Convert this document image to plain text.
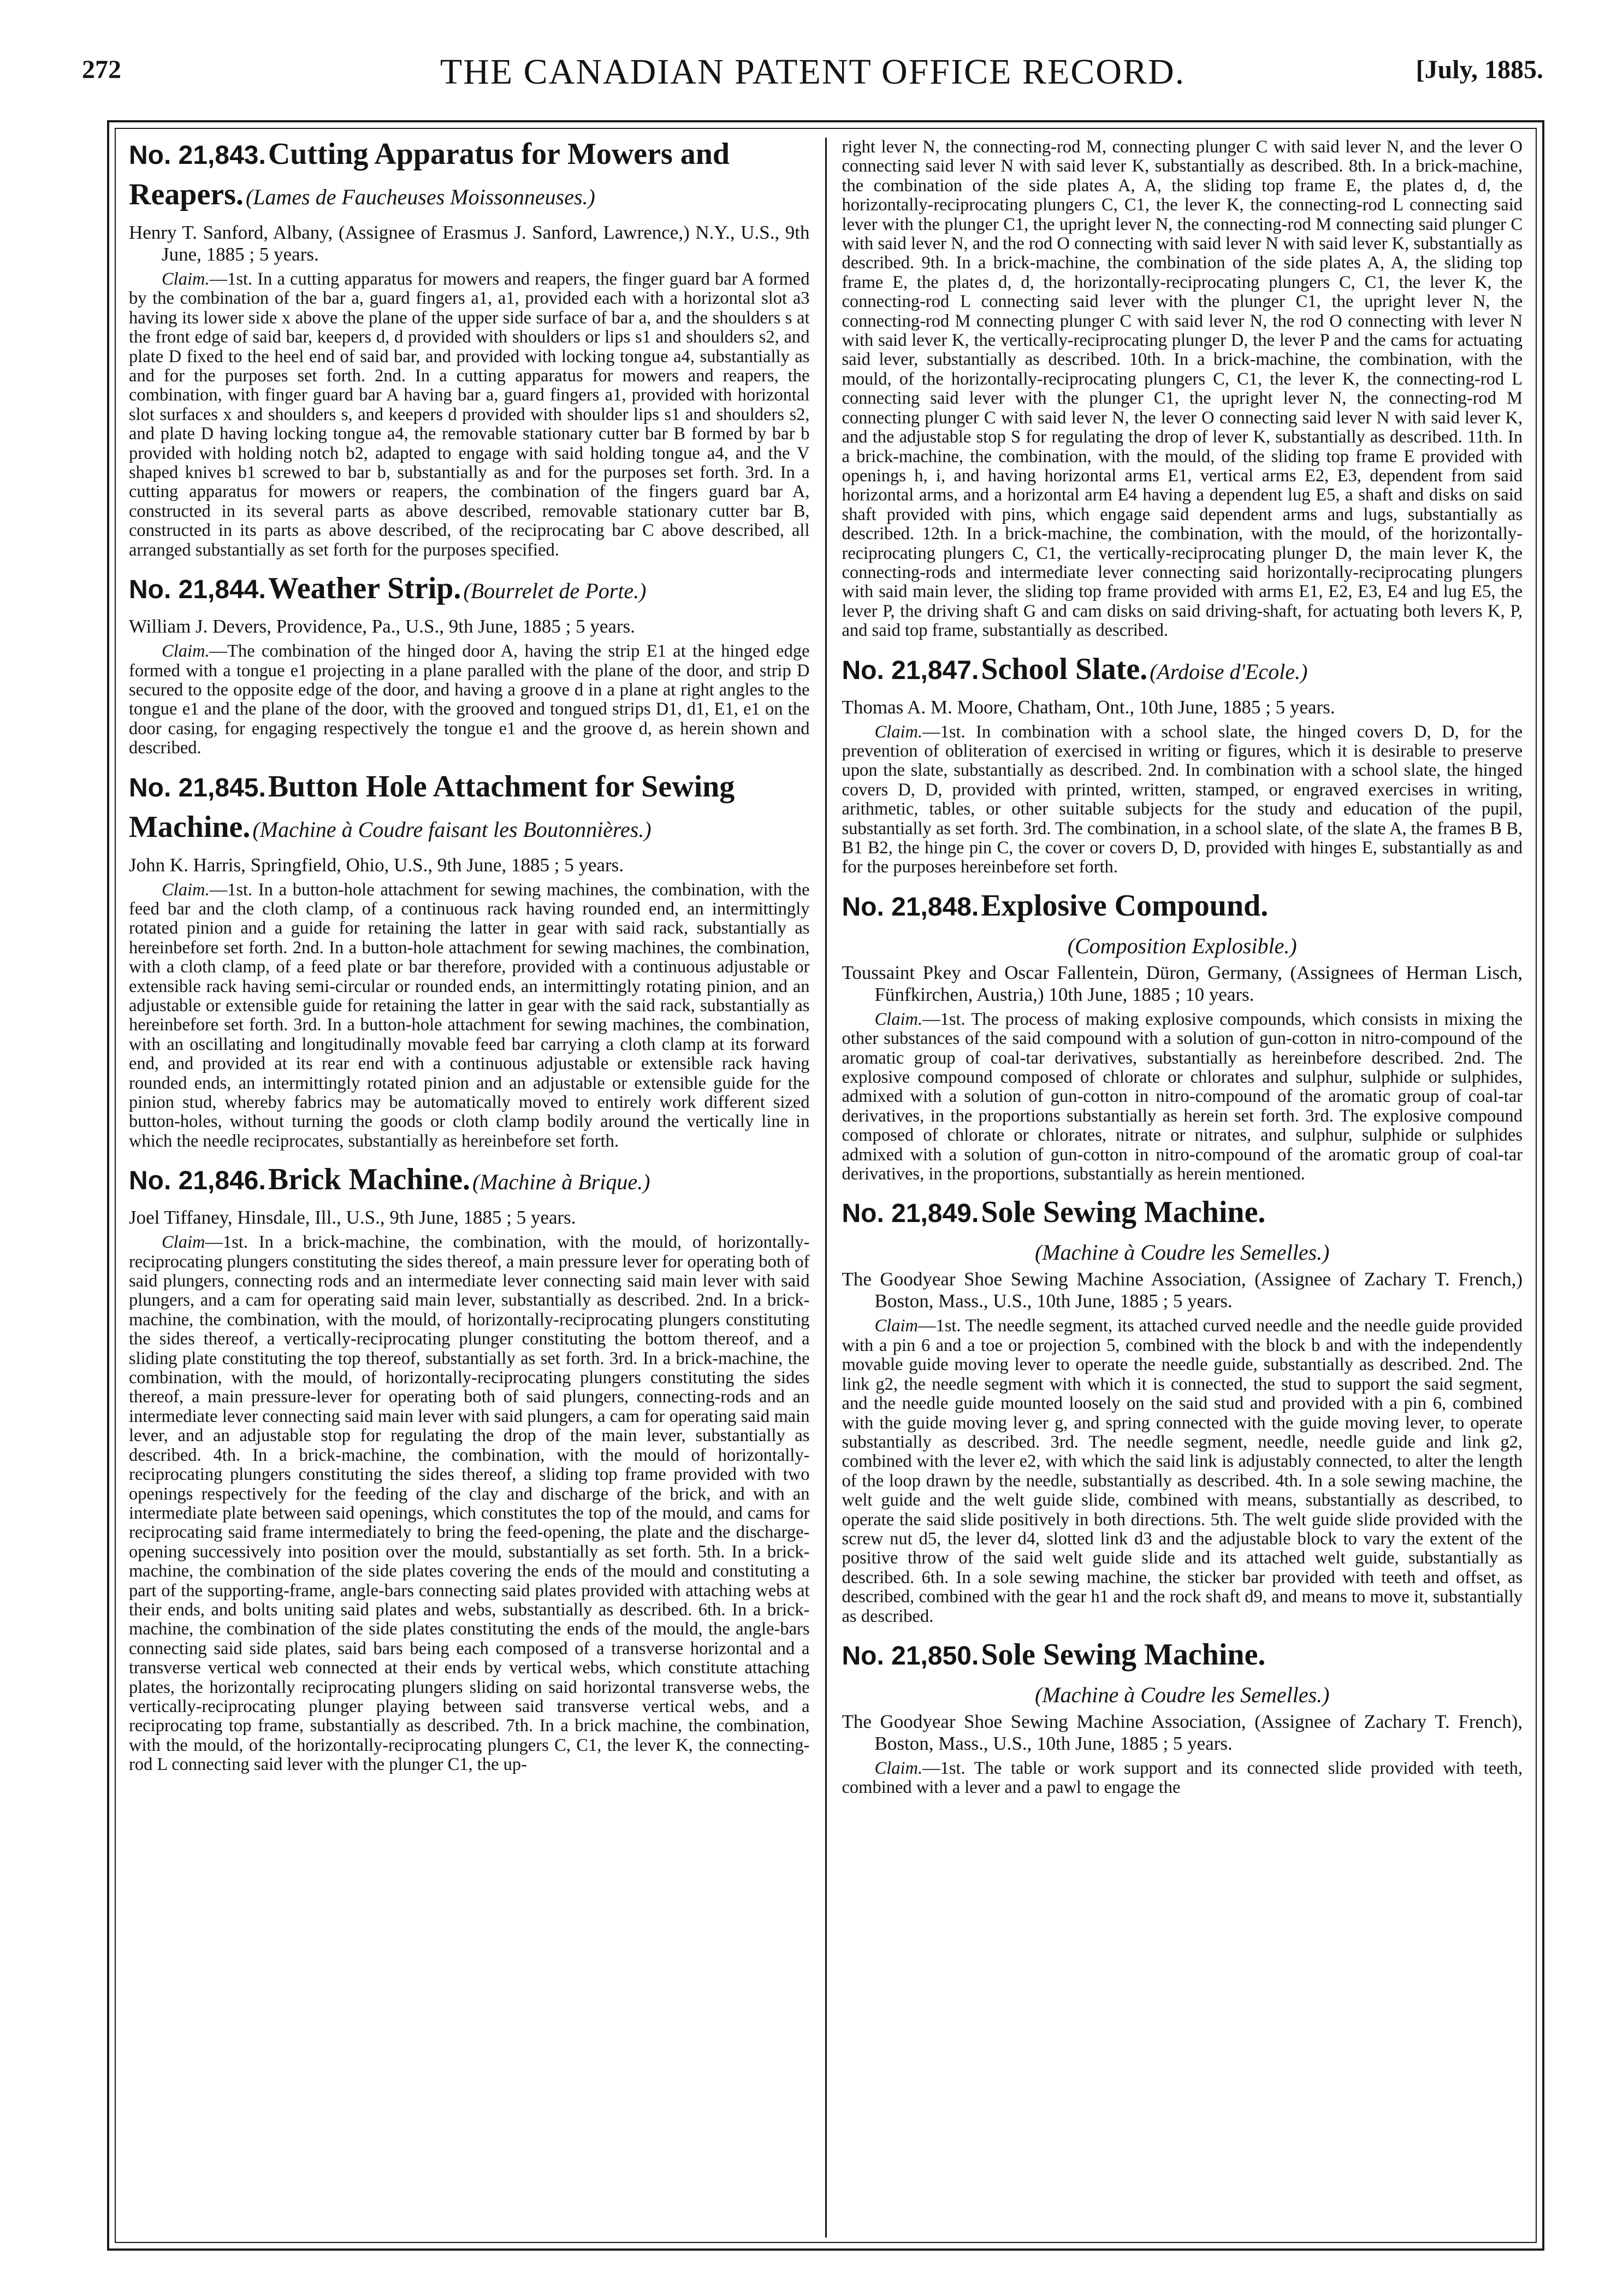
272	THE CANADIAN PATENT OFFICE RECORD.	[July, 1885.
No. 21,843. Cutting Apparatus for Mowers and Reapers. (Lames de Faucheuses Moissonneuses.)

Henry T. Sanford, Albany, (Assignee of Erasmus J. Sanford, Lawrence,) N.Y., U.S., 9th June, 1885 ; 5 years.

Claim.—1st. In a cutting apparatus for mowers and reapers, the finger guard bar A formed by the combination of the bar a, guard fingers a1, a1, provided each with a horizontal slot a3 having its lower side x above the plane of the upper side surface of bar a, and the shoulders s at the front edge of said bar, keepers d, d provided with shoulders or lips s1 and shoulders s2, and plate D fixed to the heel end of said bar, and provided with locking tongue a4, substantially as and for the purposes set forth. 2nd. In a cutting apparatus for mowers and reapers, the combination, with finger guard bar A having bar a, guard fingers a1, provided with horizontal slot surfaces x and shoulders s, and keepers d provided with shoulder lips s1 and shoulders s2, and plate D having locking tongue a4, the removable stationary cutter bar B formed by bar b provided with holding notch b2, adapted to engage with said holding tongue a4, and the V shaped knives b1 screwed to bar b, substantially as and for the purposes set forth. 3rd. In a cutting apparatus for mowers or reapers, the combination of the fingers guard bar A, constructed in its several parts as above described, removable stationary cutter bar B, constructed in its parts as above described, of the reciprocating bar C above described, all arranged substantially as set forth for the purposes specified.

No. 21,844. Weather Strip. (Bourrelet de Porte.)

William J. Devers, Providence, Pa., U.S., 9th June, 1885 ; 5 years.

Claim.—The combination of the hinged door A, having the strip E1 at the hinged edge formed with a tongue e1 projecting in a plane paralled with the plane of the door, and strip D secured to the opposite edge of the door, and having a groove d in a plane at right angles to the tongue e1 and the plane of the door, with the grooved and tongued strips D1, d1, E1, e1 on the door casing, for engaging respectively the tongue e1 and the groove d, as herein shown and described.

No. 21,845. Button Hole Attachment for Sewing Machine. (Machine à Coudre faisant les Boutonnières.)

John K. Harris, Springfield, Ohio, U.S., 9th June, 1885 ; 5 years.

Claim.—1st. In a button-hole attachment for sewing machines, the combination, with the feed bar and the cloth clamp, of a continuous rack having rounded end, an intermittingly rotated pinion and a guide for retaining the latter in gear with said rack, substantially as hereinbefore set forth. 2nd. In a button-hole attachment for sewing machines, the combination, with a cloth clamp, of a feed plate or bar therefore, provided with a continuous adjustable or extensible rack having semi-circular or rounded ends, an intermittingly rotating pinion, and an adjustable or extensible guide for retaining the latter in gear with the said rack, substantially as hereinbefore set forth. 3rd. In a button-hole attachment for sewing machines, the combination, with an oscillating and longitudinally movable feed bar carrying a cloth clamp at its forward end, and provided at its rear end with a continuous adjustable or extensible rack having rounded ends, an intermittingly rotated pinion and an adjustable or extensible guide for the pinion stud, whereby fabrics may be automatically moved to entirely work different sized button-holes, without turning the goods or cloth clamp bodily around the vertically line in which the needle reciprocates, substantially as hereinbefore set forth.

No. 21,846. Brick Machine. (Machine à Brique.)

Joel Tiffaney, Hinsdale, Ill., U.S., 9th June, 1885 ; 5 years.

Claim—1st. In a brick-machine, the combination, with the mould, of horizontally-reciprocating plungers constituting the sides thereof, a main pressure lever for operating both of said plungers, connecting rods and an intermediate lever connecting said main lever with said plungers, and a cam for operating said main lever, substantially as described. 2nd. In a brick-machine, the combination, with the mould, of horizontally-reciprocating plungers constituting the sides thereof, a vertically-reciprocating plunger constituting the bottom thereof, and a sliding plate constituting the top thereof, substantially as set forth. 3rd. In a brick-machine, the combination, with the mould, of horizontally-reciprocating plungers constituting the sides thereof, a main pressure-lever for operating both of said plungers, connecting-rods and an intermediate lever connecting said main lever with said plungers, a cam for operating said main lever, and an adjustable stop for regulating the drop of the main lever, substantially as described. 4th. In a brick-machine, the combination, with the mould of horizontally-reciprocating plungers constituting the sides thereof, a sliding top frame provided with two openings respectively for the feeding of the clay and discharge of the brick, and with an intermediate plate between said openings, which constitutes the top of the mould, and cams for reciprocating said frame intermediately to bring the feed-opening, the plate and the discharge-opening successively into position over the mould, substantially as set forth. 5th. In a brick-machine, the combination of the side plates covering the ends of the mould and constituting a part of the supporting-frame, angle-bars connecting said plates provided with attaching webs at their ends, and bolts uniting said plates and webs, substantially as described. 6th. In a brick-machine, the combination of the side plates constituting the ends of the mould, the angle-bars connecting said side plates, said bars being each composed of a transverse horizontal and a transverse vertical web connected at their ends by vertical webs, which constitute attaching plates, the horizontally reciprocating plungers sliding on said horizontal transverse webs, the vertically-reciprocating plunger playing between said transverse vertical webs, and a reciprocating top frame, substantially as described. 7th. In a brick machine, the combination, with the mould, of the horizontally-reciprocating plungers C, C1, the lever K, the connecting-rod L connecting said lever with the plunger C1, the up-

right lever N, the connecting-rod M, connecting plunger C with said lever N, and the lever O connecting said lever N with said lever K, substantially as described. 8th. In a brick-machine, the combination of the side plates A, A, the sliding top frame E, the plates d, d, the horizontally-reciprocating plungers C, C1, the lever K, the connecting-rod L connecting said lever with the plunger C1, the upright lever N, the connecting-rod M connecting said plunger C with said lever N, and the rod O connecting with said lever N with said lever K, substantially as described. 9th. In a brick-machine, the combination of the side plates A, A, the sliding top frame E, the plates d, d, the horizontally-reciprocating plungers C, C1, the lever K, the connecting-rod L connecting said lever with the plunger C1, the upright lever N, the connecting-rod M connecting plunger C with said lever N, the rod O connecting with lever N with said lever K, the vertically-reciprocating plunger D, the lever P and the cams for actuating said lever, substantially as described. 10th. In a brick-machine, the combination, with the mould, of the horizontally-reciprocating plungers C, C1, the lever K, the connecting-rod L connecting said lever with the plunger C1, the upright lever N, the connecting-rod M connecting plunger C with said lever N, the lever O connecting said lever N with said lever K, and the adjustable stop S for regulating the drop of lever K, substantially as described. 11th. In a brick-machine, the combination, with the mould, of the sliding top frame E provided with openings h, i, and having horizontal arms E1, vertical arms E2, E3, dependent from said horizontal arms, and a horizontal arm E4 having a dependent lug E5, a shaft and disks on said shaft provided with pins, which engage said dependent arms and lugs, substantially as described. 12th. In a brick-machine, the combination, with the mould, of the horizontally-reciprocating plungers C, C1, the vertically-reciprocating plunger D, the main lever K, the connecting-rods and intermediate lever connecting said horizontally-reciprocating plungers with said main lever, the sliding top frame provided with arms E1, E2, E3, E4 and lug E5, the lever P, the driving shaft G and cam disks on said driving-shaft, for actuating both levers K, P, and said top frame, substantially as described.

No. 21,847. School Slate. (Ardoise d'Ecole.)

Thomas A. M. Moore, Chatham, Ont., 10th June, 1885 ; 5 years.

Claim.—1st. In combination with a school slate, the hinged covers D, D, for the prevention of obliteration of exercised in writing or figures, which it is desirable to preserve upon the slate, substantially as described. 2nd. In combination with a school slate, the hinged covers D, D, provided with printed, written, stamped, or engraved exercises in writing, arithmetic, tables, or other suitable subjects for the study and education of the pupil, substantially as set forth. 3rd. The combination, in a school slate, of the slate A, the frames B B, B1 B2, the hinge pin C, the cover or covers D, D, provided with hinges E, substantially as and for the purposes hereinbefore set forth.

No. 21,848. Explosive Compound.
(Composition Explosible.)

Toussaint Pkey and Oscar Fallentein, Düron, Germany, (Assignees of Herman Lisch, Fünfkirchen, Austria,) 10th June, 1885 ; 10 years.

Claim.—1st. The process of making explosive compounds, which consists in mixing the other substances of the said compound with a solution of gun-cotton in nitro-compound of the aromatic group of coal-tar derivatives, substantially as hereinbefore described. 2nd. The explosive compound composed of chlorate or chlorates and sulphur, sulphide or sulphides, admixed with a solution of gun-cotton in nitro-compound of the aromatic group of coal-tar derivatives, in the proportions substantially as herein set forth. 3rd. The explosive compound composed of chlorate or chlorates, nitrate or nitrates, and sulphur, sulphide or sulphides admixed with a solution of gun-cotton in nitro-compound of the aromatic group of coal-tar derivatives, in the proportions, substantially as herein mentioned.

No. 21,849. Sole Sewing Machine.
(Machine à Coudre les Semelles.)

The Goodyear Shoe Sewing Machine Association, (Assignee of Zachary T. French,) Boston, Mass., U.S., 10th June, 1885 ; 5 years.

Claim—1st. The needle segment, its attached curved needle and the needle guide provided with a pin 6 and a toe or projection 5, combined with the block b and with the independently movable guide moving lever to operate the needle guide, substantially as described. 2nd. The link g2, the needle segment with which it is connected, the stud to support the said segment, and the needle guide mounted loosely on the said stud and provided with a pin 6, combined with the guide moving lever g, and spring connected with the guide moving lever, to operate substantially as described. 3rd. The needle segment, needle, needle guide and link g2, combined with the lever e2, with which the said link is adjustably connected, to alter the length of the loop drawn by the needle, substantially as described. 4th. In a sole sewing machine, the welt guide and the welt guide slide, combined with means, substantially as described, to operate the said slide positively in both directions. 5th. The welt guide slide provided with the screw nut d5, the lever d4, slotted link d3 and the adjustable block to vary the extent of the positive throw of the said welt guide slide and its attached welt guide, substantially as described. 6th. In a sole sewing machine, the sticker bar provided with teeth and offset, as described, combined with the gear h1 and the rock shaft d9, and means to move it, substantially as described.

No. 21,850. Sole Sewing Machine.
(Machine à Coudre les Semelles.)

The Goodyear Shoe Sewing Machine Association, (Assignee of Zachary T. French), Boston, Mass., U.S., 10th June, 1885 ; 5 years.

Claim.—1st. The table or work support and its connected slide provided with teeth, combined with a lever and a pawl to engage the
